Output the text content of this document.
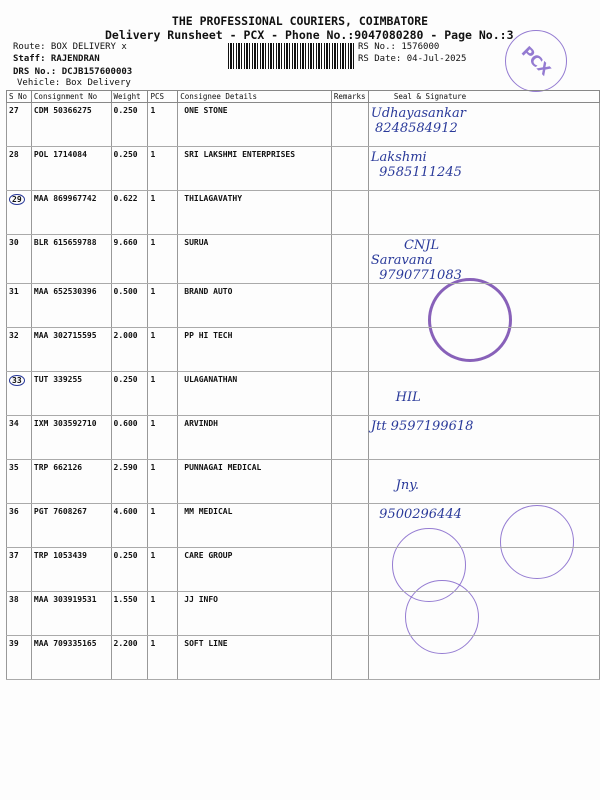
THE PROFESSIONAL COURIERS, COIMBATORE
Delivery Runsheet - PCX - Phone No.:9047080280 - Page No.:3
Route: BOX DELIVERY x
Staff: RAJENDRAN
DRS No.: DCJB157600003
Vehicle: Box Delivery
RS No.: 1576000
RS Date: 04-Jul-2025	PCX
S No	Consignment No	Weight	PCS	Consignee Details	Remarks	Seal & Signature
27	CDM 50366275	0.250	1	ONE STONE		Udhayasankar
8248584912
28	POL 1714084	0.250	1	SRI LAKSHMI ENTERPRISES		Lakshmi
9585111245
29	MAA 869967742	0.622	1	THILAGAVATHY		
30	BLR 615659788	9.660	1	SURUA		CNJL
Saravana
9790771083
31	MAA 652530396	0.500	1	BRAND AUTO		
32	MAA 302715595	2.000	1	PP HI TECH		
33	TUT 339255	0.250	1	ULAGANATHAN		
HIL
34	IXM 303592710	0.600	1	ARVINDH		Jtt 9597199618
35	TRP 662126	2.590	1	PUNNAGAI MEDICAL		
Jny.
36	PGT 7608267	4.600	1	MM MEDICAL		9500296444
37	TRP 1053439	0.250	1	CARE GROUP		
38	MAA 303919531	1.550	1	JJ INFO		
39	MAA 709335165	2.200	1	SOFT LINE		
